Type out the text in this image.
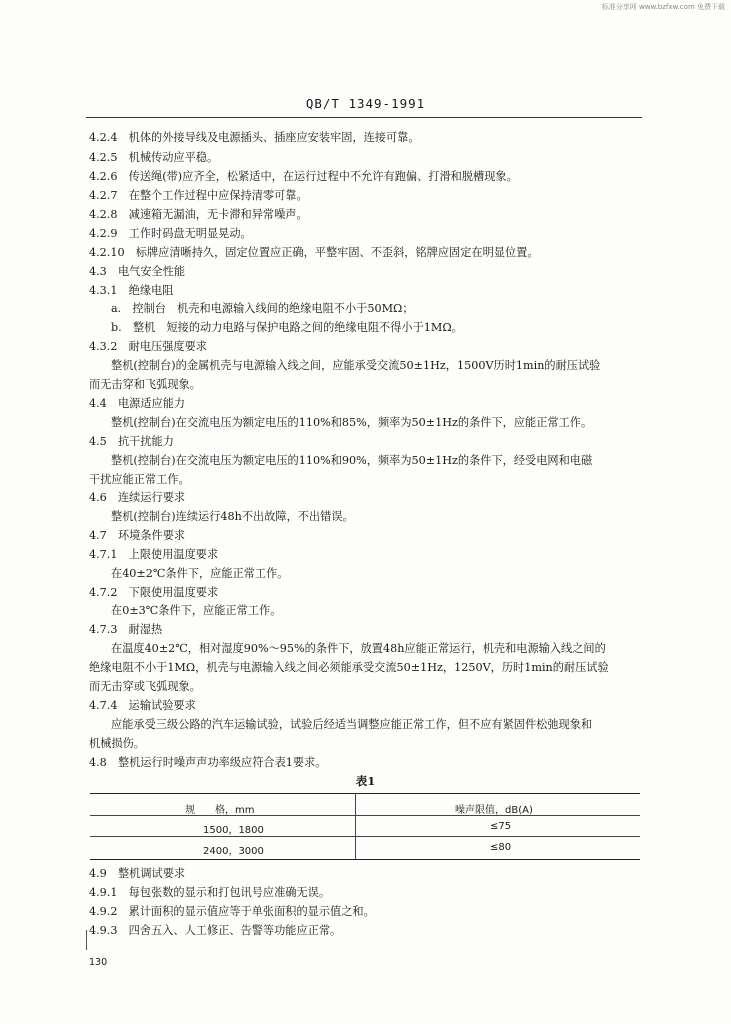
标准分享网 www.bzfxw.com 免费下载
QB/T 1349-1991
4.2.4　机体的外接导线及电源插头、插座应安装牢固，连接可靠。
4.2.5　机械传动应平稳。
4.2.6　传送绳(带)应齐全，松紧适中，在运行过程中不允许有跑偏、打滑和脱槽现象。
4.2.7　在整个工作过程中应保持清零可靠。
4.2.8　减速箱无漏油，无卡滞和异常噪声。
4.2.9　工作时码盘无明显晃动。
4.2.10　标牌应清晰持久，固定位置应正确，平整牢固、不歪斜，铭牌应固定在明显位置。
4.3　电气安全性能
4.3.1　绝缘电阻
a.　控制台　机壳和电源输入线间的绝缘电阻不小于50MΩ；
b.　整机　短接的动力电路与保护电路之间的绝缘电阻不得小于1MΩ。
4.3.2　耐电压强度要求
整机(控制台)的金属机壳与电源输入线之间，应能承受交流50±1Hz，1500V历时1min的耐压试验
而无击穿和飞弧现象。
4.4　电源适应能力
整机(控制台)在交流电压为额定电压的110%和85%，频率为50±1Hz的条件下，应能正常工作。
4.5　抗干扰能力
整机(控制台)在交流电压为额定电压的110%和90%，频率为50±1Hz的条件下，经受电网和电磁
干扰应能正常工作。
4.6　连续运行要求
整机(控制台)连续运行48h不出故障，不出错误。
4.7　环境条件要求
4.7.1　上限使用温度要求
在40±2℃条件下，应能正常工作。
4.7.2　下限使用温度要求
在0±3℃条件下，应能正常工作。
4.7.3　耐湿热
在温度40±2℃，相对湿度90%～95%的条件下，放置48h应能正常运行，机壳和电源输入线之间的
绝缘电阻不小于1MΩ，机壳与电源输入线之间必须能承受交流50±1Hz，1250V，历时1min的耐压试验
而无击穿或飞弧现象。
4.7.4　运输试验要求
应能承受三级公路的汽车运输试验，试验后经适当调整应能正常工作，但不应有紧固件松弛现象和
机械损伤。
4.8　整机运行时噪声声功率级应符合表1要求。
表1
规　　格，mm	噪声限值，dB(A)
1500，1800	≤75
2400，3000	≤80
4.9　整机调试要求
4.9.1　每包张数的显示和打包讯号应准确无误。
4.9.2　累计面积的显示值应等于单张面积的显示值之和。
4.9.3　四舍五入、人工修正、告警等功能应正常。
130
